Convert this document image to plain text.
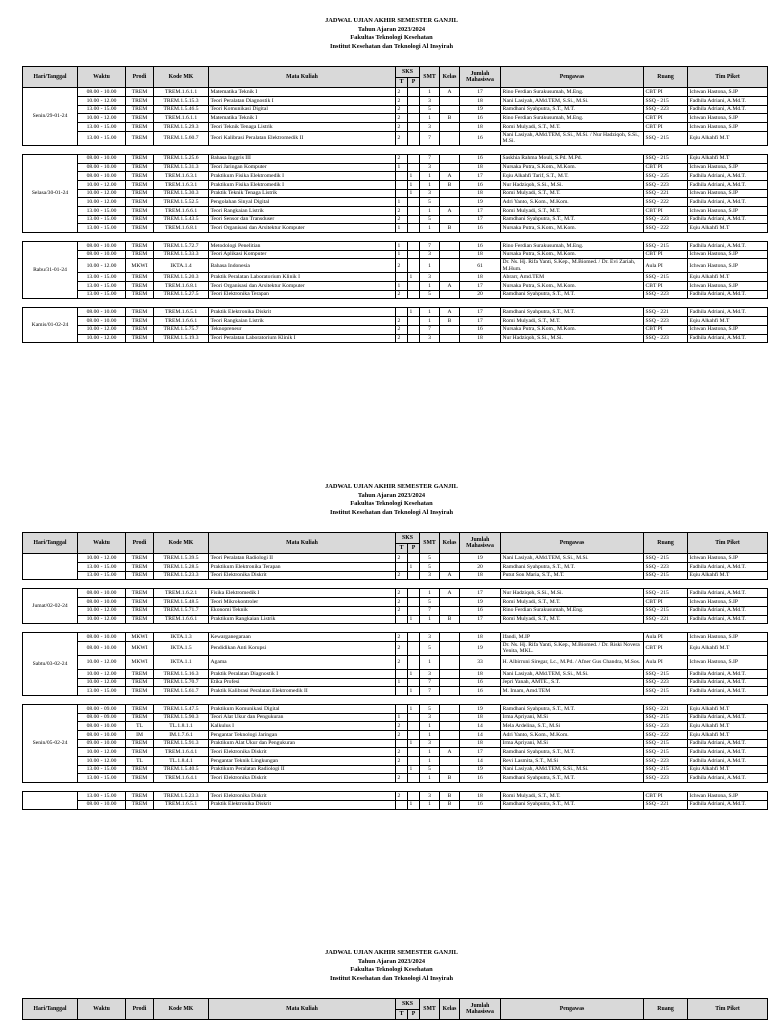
JADWAL UJIAN AKHIR SEMESTER GANJIL
Tahun Ajaran 2023/2024
Fakultas Teknologi Kesehatan
Institut Kesehatan dan Teknologi Al Insyirah
Hari/Tanggal	Waktu	Prodi	Kode MK	Mata Kuliah	SKS		SMT	Kelas	Jumlah Mahasiswa	Pengawas	Ruang	Tim Piket
					T	P						
Senin/29-01-24	08.00 - 10.00	TREM	TREM.1.6.1.1	Matematika Teknik I	2		1	A	17	Rino Ferdian Surakusumah, M.Eng.	CBT PI	Ichwan Hastona, S.IP
	10.00 - 12.00	TREM	TREM.1.5.15.3	Teori Peralatan Diagnostik I	2		3		18	Nani Lasiyah, AMd.TEM, S.Si., M.Si.	SSQ - 215	Fadhila Adriani, A.Md.T.
	13.00 - 15.00	TREM	TREM.1.5.46.5	Teori Komunikasi Digital	2		5		19	Ramdhani Syahputra, S.T., M.T.	SSQ - 223	Fadhila Adriani, A.Md.T.
	10.00 - 12.00	TREM	TREM.1.6.1.1	Matematika Teknik I	2		1	B	16	Rino Ferdian Surakusumah, M.Eng.	CBT PI	Ichwan Hastona, S.IP
	13.00 - 15.00	TREM	TREM.1.5.29.3	Teori Teknik Tenaga Listrik	2		3		18	Romi Mulyadi, S.T., M.T.	CBT PI	Ichwan Hastona, S.IP
	13.00 - 15.00	TREM	TREM.1.5.60.7	Teori Kalibrasi Peralatan Elektromedik II	2		7		16	Nani Lasiyah, AMd.TEM, S.Si., M.Si. / Nur Hadziqoh, S.Si., M.Si.	SSQ - 215	Eqiu Alkahfi M.T

Selasa/30-01-24	08.00 - 10.00	TREM	TREM.1.5.25.6	Bahasa Inggris III	2		7		16	Saskhia Rahma Mouli, S.Pd. M.Pd.	SSQ - 215	Eqiu Alkahfi M.T
	08.00 - 10.00	TREM	TREM.1.5.31.3	Teori Jaringan Komputer	1		3		18	Nursaka Putra, S.Kom., M.Kom.	CBT PI	Ichwan Hastona, S.IP
	08.00 - 10.00	TREM	TREM.1.6.3.1	Praktikum Fisika Elektromedik I		1	1	A	17	Eqiu Alkahfi Tarif, S.T., M.T.	SSQ - 225	Fadhila Adriani, A.Md.T.
	10.00 - 12.00	TREM	TREM.1.6.3.1	Praktikum Fisika Elektromedik I		1	1	B	16	Nur Hadziqoh, S.Si., M.Si.	SSQ - 223	Fadhila Adriani, A.Md.T.
	10.00 - 12.00	TREM	TREM.1.5.30.3	Praktik Teknik Tenaga Listrik		1	3		18	Romi Mulyadi, S.T., M.T.	SSQ - 221	Ichwan Hastona, S.IP
	10.00 - 12.00	TREM	TREM.1.5.52.5	Pengolahan Sinyal Digital	1		5		19	Adri Yanto, S.Kom., M.Kom.	SSQ - 222	Fadhila Adriani, A.Md.T.
	13.00 - 15.00	TREM	TREM.1.6.6.1	Teori Rangkaian Listrik	2		1	A	17	Romi Mulyadi, S.T., M.T.	CBT PI	Ichwan Hastona, S.IP
	13.00 - 15.00	TREM	TREM.1.5.43.5	Teori Sensor dan Transduser	2		5		17	Ramdhani Syahputra, S.T., M.T.	SSQ - 223	Fadhila Adriani, A.Md.T.
	13.00 - 15.00	TREM	TREM.1.6.8.1	Teori Organisasi dan Arsitektur Komputer	1		1	B	16	Nursaka Putra, S.Kom., M.Kom.	SSQ - 222	Eqiu Alkahfi M.T

Rabu/31-01-24	08.00 - 10.00	TREM	TREM.1.5.72.7	Metodologi Penelitian	1		7		16	Rino Ferdian Surakusumah, M.Eng.	SSQ - 215	Fadhila Adriani, A.Md.T.
	08.00 - 10.00	TREM	TREM.1.5.33.3	Teori Aplikasi Komputer	1		3		18	Nursaka Putra, S.Kom., M.Kom.	CBT PI	Ichwan Hastona, S.IP
	10.00 - 12.00	MKWI	IKTA.1.4	Bahasa Indonesia	2		1		61	Dr. Ns. Hj. Rifa Yanti, S.Kep., M.Biomed. / Dr. Evi Zariah, M.Hum.	Aula PI	Ichwan Hastona, S.IP
	13.00 - 15.00	TREM	TREM.1.5.20.3	Praktik Peralatan Laboratorium Klinik I		1	3		18	Abrarr, Amd.TEM	SSQ - 215	Eqiu Alkahfi M.T
	13.00 - 15.00	TREM	TREM.1.6.8.1	Teori Organisasi dan Arsitektur Komputer	1		1	A	17	Nursaka Putra, S.Kom., M.Kom.	CBT PI	Ichwan Hastona, S.IP
	13.00 - 15.00	TREM	TREM.1.5.27.5	Teori Elektronika Terapan	2		5		20	Ramdhani Syahputra, S.T., M.T.	SSQ - 223	Fadhila Adriani, A.Md.T.

Kamis/01-02-24	08.00 - 10.00	TREM	TREM.1.6.5.1	Praktik Elektronika Diskrit		1	1	A	17	Ramdhani Syahputra, S.T., M.T.	SSQ - 221	Fadhila Adriani, A.Md.T.
	08.00 - 10.00	TREM	TREM.1.6.6.1	Teori Rangkaian Listrik	2		1	B	17	Romi Mulyadi, S.T., M.T.	SSQ - 223	Eqiu Alkahfi M.T
	10.00 - 12.00	TREM	TREM.1.5.75.7	Teknopreneur	2		7		16	Nursaka Putra, S.Kom., M.Kom.	CBT PI	Ichwan Hastona, S.IP
	10.00 - 12.00	TREM	TREM.1.5.19.3	Teori Peralatan Laboratorium Klinik I	2		3		18	Nur Hadziqoh, S.Si., M.Si.	SSQ - 223	Fadhila Adriani, A.Md.T.
JADWAL UJIAN AKHIR SEMESTER GANJIL
Tahun Ajaran 2023/2024
Fakultas Teknologi Kesehatan
Institut Kesehatan dan Teknologi Al Insyirah
Hari/Tanggal	Waktu	Prodi	Kode MK	Mata Kuliah	SKS		SMT	Kelas	Jumlah Mahasiswa	Pengawas	Ruang	Tim Piket
					T	P						
	10.00 - 12.00	TREM	TREM.1.5.39.5	Teori Peralatan Radiologi II	2		5		19	Nani Lasiyah, AMd.TEM, S.Si., M.Si.	SSQ - 215	Ichwan Hastona, S.IP
	13.00 - 15.00	TREM	TREM.1.5.28.5	Praktikum Elektronika Terapan		1	5		20	Ramdhani Syahputra, S.T., M.T.	SSQ - 223	Fadhila Adriani, A.Md.T.
	13.00 - 15.00	TREM	TREM.1.5.23.3	Teori Elektronika Diskrit	2		3	A	18	Putut Son Maria, S.T., M.T.	SSQ - 215	Eqiu Alkahfi M.T

Jumat/02-02-24	08.00 - 10.00	TREM	TREM.1.6.2.1	Fisika Elektromedik I	2		1	A	17	Nur Hadziqoh, S.Si., M.Si.	SSQ - 215	Fadhila Adriani, A.Md.T.
	08.00 - 10.00	TREM	TREM.1.5.48.5	Teori Mikrokontroler	2		5		19	Romi Mulyadi, S.T., M.T.	CBT PI	Ichwan Hastona, S.IP
	10.00 - 12.00	TREM	TREM.1.5.71.7	Ekonomi Teknik	2		7		16	Rino Ferdian Surakusumah, M.Eng.	SSQ - 215	Fadhila Adriani, A.Md.T.
	10.00 - 12.00	TREM	TREM.1.6.6.1	Praktikum Rangkaian Listrik		1	1	B	17	Romi Mulyadi, S.T., M.T.	SSQ - 221	Fadhila Adriani, A.Md.T.

Sabtu/03-02-24	08.00 - 10.00	MKWI	IKTA.1.3	Kewarganegaraan	2		3		18	Ifandi, M.IP	Aula PI	Ichwan Hastona, S.IP
	08.00 - 10.00	MKWI	IKTA.1.5	Pendidikan Anti Korupsi	2		5		19	Dr. Ns. Hj. Rifa Yanti, S.Kep., M.Biomed. / Dr. Riski Novera Yenita, MKL.	CBT PI	Eqiu Alkahfi M.T
	10.00 - 12.00	MKWI	IKTA.1.1	Agama	2		1		33	H. Albirruni Siregar, Lc., M.Pd. / Afner Gus Chandra, M.Sos.	Aula PI	Ichwan Hastona, S.IP
	10.00 - 12.00	TREM	TREM.1.5.16.3	Praktik Peralatan Diagnostik I		1	3		18	Nani Lasiyah, AMd.TEM, S.Si., M.Si.	SSQ - 215	Fadhila Adriani, A.Md.T.
	10.00 - 12.00	TREM	TREM.1.5.70.7	Etika Profesi	1		7		16	Jepri Yanah, AMTE., S.T.	SSQ - 223	Fadhila Adriani, A.Md.T.
	13.00 - 15.00	TREM	TREM.1.5.61.7	Praktik Kalibrasi Peralatan Elektromedik II		1	7		16	M. Imam, Amd.TEM	SSQ - 215	Fadhila Adriani, A.Md.T.

Senin/05-02-24	08.00 - 09.00	TREM	TREM.1.5.47.5	Praktikum Komunikasi Digital		1	5		19	Ramdhani Syahputra, S.T., M.T.	SSQ - 221	Eqiu Alkahfi M.T
	08.00 - 09.00	TREM	TREM.1.5.90.3	Teori Alat Ukur dan Pengukuran	1		3		18	Irma Apriyani, M.Si	SSQ - 215	Fadhila Adriani, A.Md.T.
	08.00 - 10.00	TL	TL.1.8.1.1	Kalkulus I	2		1		14	Mela Ardelina, S.T., M.Si	SSQ - 223	Eqiu Alkahfi M.T
	08.00 - 10.00	IM	IM.1.7.6.1	Pengantar Teknologi Jaringan	2		1		14	Adri Yanto, S.Kom., M.Kom.	SSQ - 222	Eqiu Alkahfi M.T
	09.00 - 10.00	TREM	TREM.1.5.91.3	Praktikum Alat Ukur dan Pengukuran		1	3		18	Irma Apriyani, M.Si	SSQ - 215	Fadhila Adriani, A.Md.T.
	10.00 - 12.00	TREM	TREM.1.6.4.1	Teori Elektronika Diskrit	2		1	A	17	Ramdhani Syahputra, S.T., M.T.	SSQ - 215	Fadhila Adriani, A.Md.T.
	10.00 - 12.00	TL	TL.1.8.4.1	Pengantar Teknik Lingkungan	2		1		14	Revi Lasmita, S.T., M.Si	SSQ - 223	Fadhila Adriani, A.Md.T.
	13.00 - 15.00	TREM	TREM.1.5.40.5	Praktikum Peralatan Radiologi II		1	5		19	Nani Lasiyah, AMd.TEM, S.Si., M.Si.	SSQ - 215	Eqiu Alkahfi M.T
	13.00 - 15.00	TREM	TREM.1.6.4.1	Teori Elektronika Diskrit	2		1	B	16	Ramdhani Syahputra, S.T., M.T.	SSQ - 223	Fadhila Adriani, A.Md.T.

	13.00 - 15.00	TREM	TREM.1.5.23.3	Teori Elektronika Diskrit	2		3	B	18	Romi Mulyadi, S.T., M.T.	CBT PI	Ichwan Hastona, S.IP
	08.00 - 10.00	TREM	TREM.1.6.5.1	Praktik Elektronika Diskrit		1	1	B	16	Ramdhani Syahputra, S.T., M.T.	SSQ - 221	Fadhila Adriani, A.Md.T.
JADWAL UJIAN AKHIR SEMESTER GANJIL
Tahun Ajaran 2023/2024
Fakultas Teknologi Kesehatan
Institut Kesehatan dan Teknologi Al Insyirah
Hari/Tanggal	Waktu	Prodi	Kode MK	Mata Kuliah	SKS		SMT	Kelas	Jumlah Mahasiswa	Pengawas	Ruang	Tim Piket
					T	P						
